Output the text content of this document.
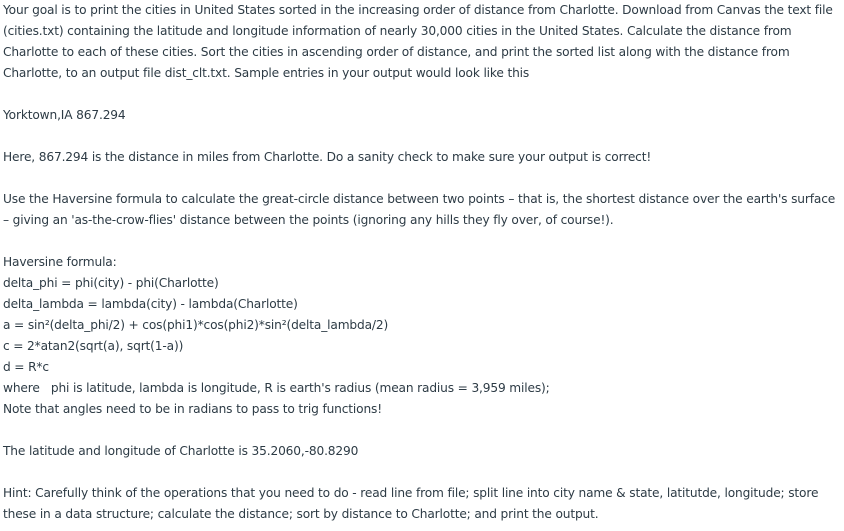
Your goal is to print the cities in United States sorted in the increasing order of distance from Charlotte. Download from Canvas the text file (cities.txt) containing the latitude and longitude information of nearly 30,000 cities in the United States. Calculate the distance from Charlotte to each of these cities. Sort the cities in ascending order of distance, and print the sorted list along with the distance from Charlotte, to an output file dist_clt.txt. Sample entries in your output would look like this

Yorktown,IA 867.294

Here, 867.294 is the distance in miles from Charlotte. Do a sanity check to make sure your output is correct!

Use the Haversine formula to calculate the great-circle distance between two points – that is, the shortest distance over the earth's surface – giving an 'as-the-crow-flies' distance between the points (ignoring any hills they fly over, of course!).

Haversine formula:

delta_phi = phi(city) - phi(Charlotte)

delta_lambda = lambda(city) - lambda(Charlotte)

a = sin²(delta_phi/2) + cos(phi1)*cos(phi2)*sin²(delta_lambda/2)

c = 2*atan2(sqrt(a), sqrt(1-a))

d = R*c

where   phi is latitude, lambda is longitude, R is earth's radius (mean radius = 3,959 miles);

Note that angles need to be in radians to pass to trig functions!

The latitude and longitude of Charlotte is 35.2060,-80.8290

Hint: Carefully think of the operations that you need to do - read line from file; split line into city name & state, latitutde, longitude; store these in a data structure; calculate the distance; sort by distance to Charlotte; and print the output.
